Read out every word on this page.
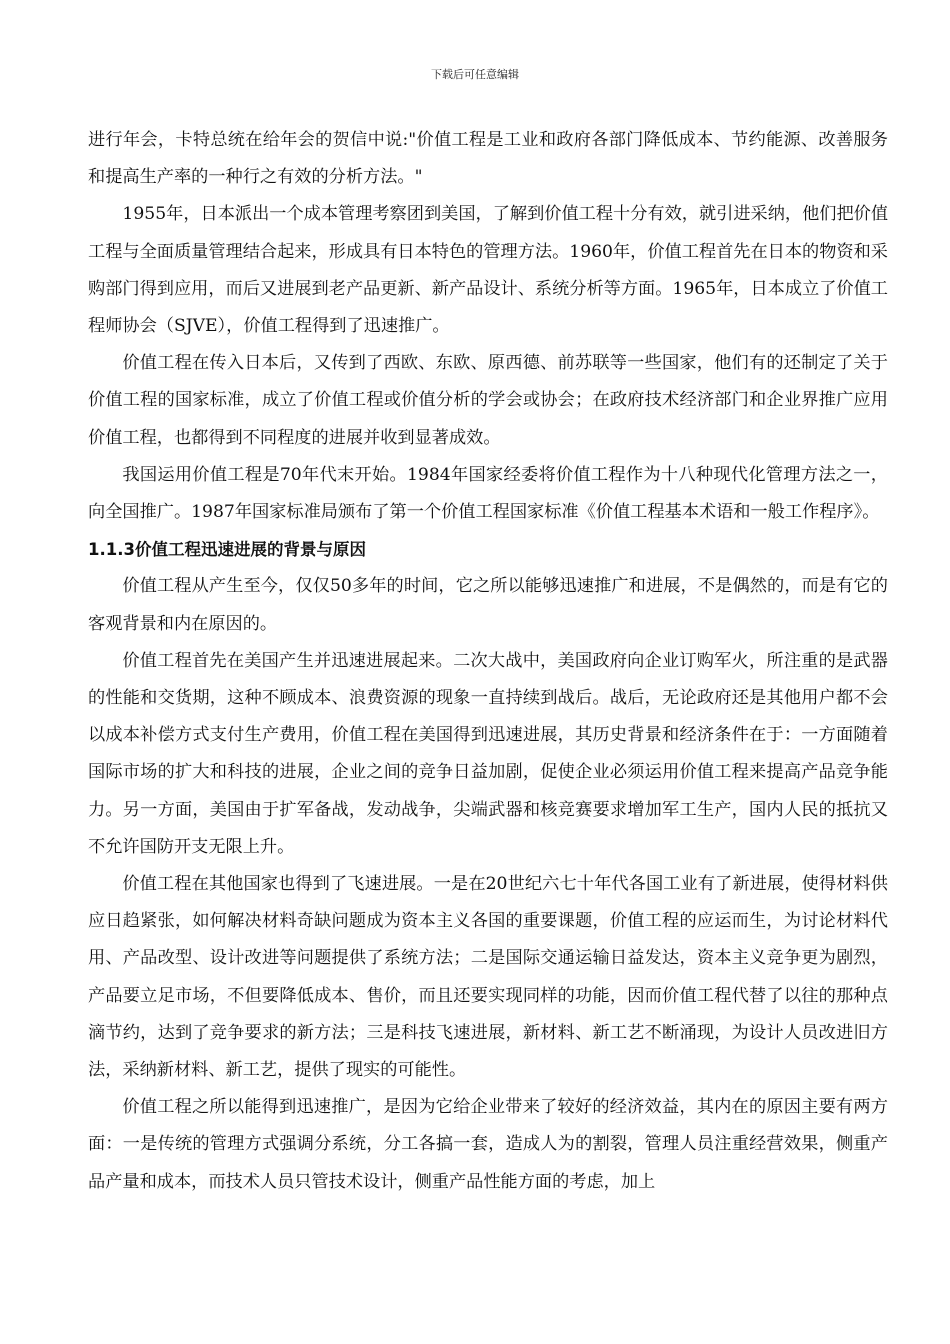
下载后可任意编辑

进行年会，卡特总统在给年会的贺信中说:"价值工程是工业和政府各部门降低成本、节约能源、改善服务和提高生产率的一种行之有效的分析方法。"

1955年，日本派出一个成本管理考察团到美国，了解到价值工程十分有效，就引进采纳，他们把价值工程与全面质量管理结合起来，形成具有日本特色的管理方法。1960年，价值工程首先在日本的物资和采购部门得到应用，而后又进展到老产品更新、新产品设计、系统分析等方面。1965年，日本成立了价值工程师协会（SJVE），价值工程得到了迅速推广。

价值工程在传入日本后，又传到了西欧、东欧、原西德、前苏联等一些国家，他们有的还制定了关于价值工程的国家标准，成立了价值工程或价值分析的学会或协会；在政府技术经济部门和企业界推广应用价值工程，也都得到不同程度的进展并收到显著成效。

我国运用价值工程是70年代末开始。1984年国家经委将价值工程作为十八种现代化管理方法之一，向全国推广。1987年国家标准局颁布了第一个价值工程国家标准《价值工程基本术语和一般工作程序》。

1.1.3价值工程迅速进展的背景与原因

价值工程从产生至今，仅仅50多年的时间，它之所以能够迅速推广和进展，不是偶然的，而是有它的客观背景和内在原因的。

价值工程首先在美国产生并迅速进展起来。二次大战中，美国政府向企业订购军火，所注重的是武器的性能和交货期，这种不顾成本、浪费资源的现象一直持续到战后。战后，无论政府还是其他用户都不会以成本补偿方式支付生产费用，价值工程在美国得到迅速进展，其历史背景和经济条件在于：一方面随着国际市场的扩大和科技的进展，企业之间的竞争日益加剧，促使企业必须运用价值工程来提高产品竞争能力。另一方面，美国由于扩军备战，发动战争，尖端武器和核竞赛要求增加军工生产，国内人民的抵抗又不允许国防开支无限上升。

价值工程在其他国家也得到了飞速进展。一是在20世纪六七十年代各国工业有了新进展，使得材料供应日趋紧张，如何解决材料奇缺问题成为资本主义各国的重要课题，价值工程的应运而生，为讨论材料代用、产品改型、设计改进等问题提供了系统方法；二是国际交通运输日益发达，资本主义竞争更为剧烈，产品要立足市场，不但要降低成本、售价，而且还要实现同样的功能，因而价值工程代替了以往的那种点滴节约，达到了竞争要求的新方法；三是科技飞速进展，新材料、新工艺不断涌现，为设计人员改进旧方法，采纳新材料、新工艺，提供了现实的可能性。

价值工程之所以能得到迅速推广，是因为它给企业带来了较好的经济效益，其内在的原因主要有两方面：一是传统的管理方式强调分系统，分工各搞一套，造成人为的割裂，管理人员注重经营效果，侧重产品产量和成本，而技术人员只管技术设计，侧重产品性能方面的考虑，加上
